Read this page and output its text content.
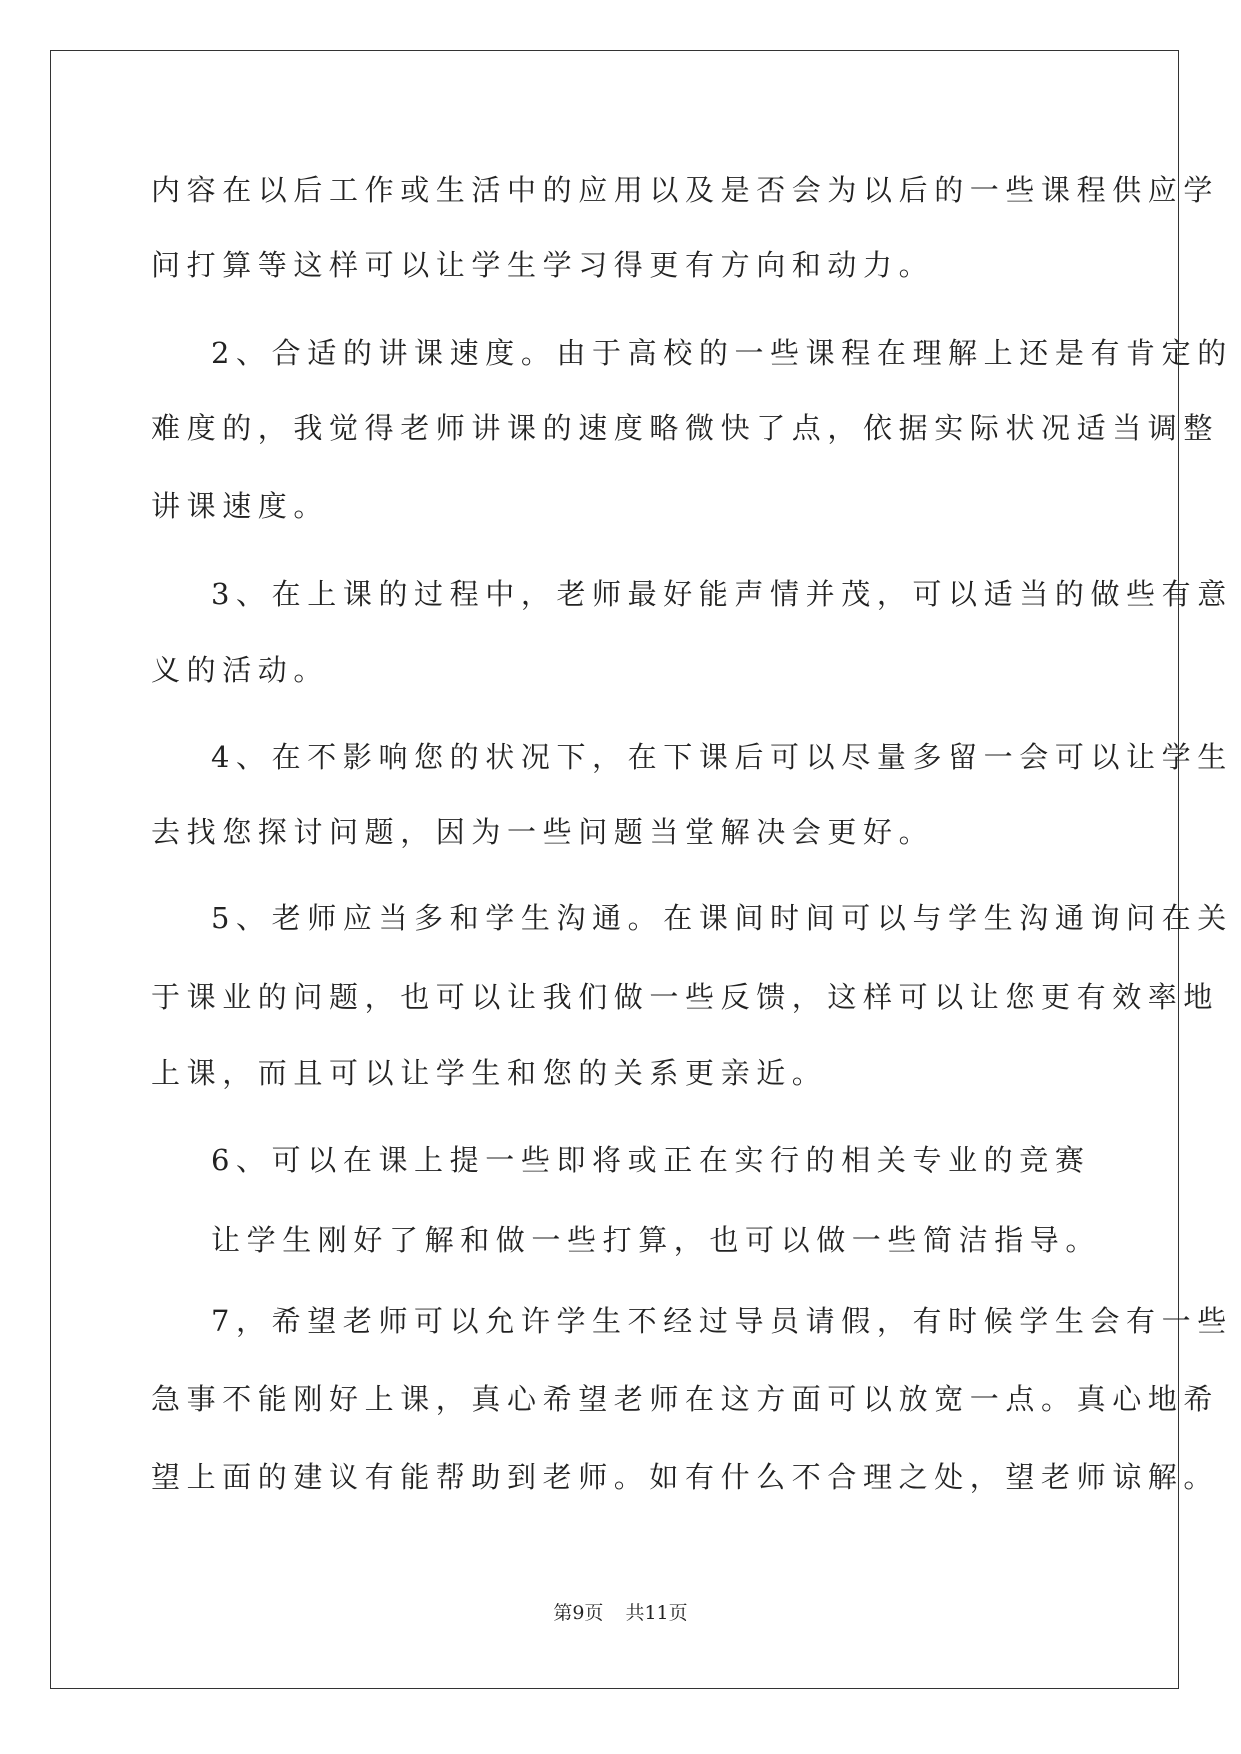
内容在以后工作或生活中的应用以及是否会为以后的一些课程供应学
问打算等这样可以让学生学习得更有方向和动力。
2、合适的讲课速度。由于高校的一些课程在理解上还是有肯定的
难度的，我觉得老师讲课的速度略微快了点，依据实际状况适当调整
讲课速度。
3、在上课的过程中，老师最好能声情并茂，可以适当的做些有意
义的活动。
4、在不影响您的状况下，在下课后可以尽量多留一会可以让学生
去找您探讨问题，因为一些问题当堂解决会更好。
5、老师应当多和学生沟通。在课间时间可以与学生沟通询问在关
于课业的问题，也可以让我们做一些反馈，这样可以让您更有效率地
上课，而且可以让学生和您的关系更亲近。
6、可以在课上提一些即将或正在实行的相关专业的竞赛
让学生刚好了解和做一些打算，也可以做一些简洁指导。
7，希望老师可以允许学生不经过导员请假，有时候学生会有一些
急事不能刚好上课，真心希望老师在这方面可以放宽一点。真心地希
望上面的建议有能帮助到老师。如有什么不合理之处，望老师谅解。
第9页 共11页
